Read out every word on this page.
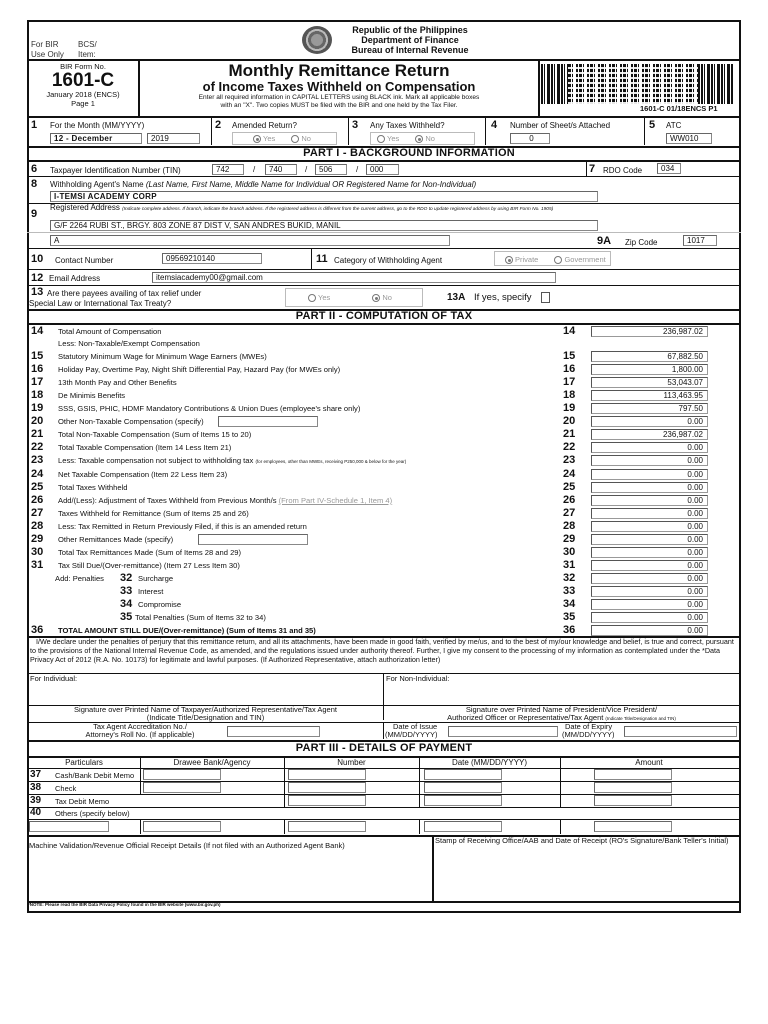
For BIR
Use Only
BCS/
Item:
Republic of the Philippines
Department of Finance
Bureau of Internal Revenue
BIR Form No.
1601-C
January 2018 (ENCS)
Page 1
Monthly Remittance Return
of Income Taxes Withheld on Compensation
Enter all required information in CAPITAL LETTERS using BLACK ink. Mark all applicable boxes
with an "X". Two copies MUST be filed with the BIR and one held by the Tax Filer.	1601-C 01/18ENCS P1
1 For the Month (MM/YYYY)
12 - December	2019
2 Amended Return?
Yes	No
3 Any Taxes Withheld?
Yes	No
4 Number of Sheet/s Attached
0
5 ATC
WW010
PART I - BACKGROUND INFORMATION
6 Taxpayer Identification Number (TIN)	742	/	740	/	506	/	000	7 RDO Code	034
8 Withholding Agent's Name (Last Name, First Name, Middle Name for Individual OR Registered Name for Non-Individual)
I-TEMSI ACADEMY CORP
9
Registered Address (Indicate complete address. If branch, indicate the branch address. If the registered address is different from the current address, go to the RDO to update registered address by using BIR Form No. 1905)
G/F 2264 RUBI ST., BRGY. 803 ZONE 87 DIST V, SAN ANDRES BUKID, MANIL
A	9A Zip Code	1017
10 Contact Number	09569210140	11 Category of Withholding Agent	Private	Government
12 Email Address	itemsiacademy00@gmail.com
13 Are there payees availing of tax relief under
Special Law or International Tax Treaty?
Yes	No	13A If yes, specify
PART II - COMPUTATION OF TAX
14 Total Amount of Compensation	14	236,987.02
Less: Non-Taxable/Exempt Compensation
15 Statutory Minimum Wage for Minimum Wage Earners (MWEs)	15	67,882.50
16 Holiday Pay, Overtime Pay, Night Shift Differential Pay, Hazard Pay (for MWEs only)	16	1,800.00
17 13th Month Pay and Other Benefits	17	53,043.07
18 De Minimis Benefits	18	113,463.95
19 SSS, GSIS, PHIC, HDMF Mandatory Contributions & Union Dues (employee's share only)	19	797.50
20 Other Non-Taxable Compensation (specify)	20	0.00
21 Total Non-Taxable Compensation (Sum of Items 15 to 20)	21	236,987.02
22 Total Taxable Compensation (Item 14 Less Item 21)	22	0.00
23 Less: Taxable compensation not subject to withholding tax (for employees, other than MWEs, receiving P250,000 & below for the year)	23	0.00
24 Net Taxable Compensation (Item 22 Less Item 23)	24	0.00
25 Total Taxes Withheld	25	0.00
26 Add/(Less): Adjustment of Taxes Withheld from Previous Month/s (From Part IV-Schedule 1, Item 4)	26	0.00
27 Taxes Withheld for Remittance (Sum of Items 25 and 26)	27	0.00
28 Less: Tax Remitted in Return Previously Filed, if this is an amended return	28	0.00
29 Other Remittances Made (specify)	29	0.00
30 Total Tax Remittances Made (Sum of Items 28 and 29)	30	0.00
31 Tax Still Due/(Over-remittance) (Item 27 Less Item 30)	31	0.00
Add: Penalties 32 Surcharge	32	0.00
33 Interest	33	0.00
34 Compromise	34	0.00
35 Total Penalties (Sum of Items 32 to 34)	35	0.00
36 TOTAL AMOUNT STILL DUE/(Over-remittance) (Sum of Items 31 and 35)	36	0.00
I/We declare under the penalties of perjury that this remittance return, and all its attachments, have been made in good faith, verified by me/us, and to the best of my/our knowledge and belief, is true and correct, pursuant to the provisions of the National Internal Revenue Code, as amended, and the regulations issued under authority thereof. Further, I give my consent to the processing of my information as contemplated under the *Data Privacy Act of 2012 (R.A. No. 10173) for legitimate and lawful purposes. (If Authorized Representative, attach authorization letter)
For Individual:	For Non-Individual:
Signature over Printed Name of Taxpayer/Authorized Representative/Tax Agent
(Indicate Title/Designation and TIN)
Signature over Printed Name of President/Vice President/
Authorized Officer or Representative/Tax Agent (Indicate Title/Designation and TIN)
Tax Agent Accreditation No./
Attorney's Roll No. (If applicable)
Date of Issue
(MM/DD/YYYY)
Date of Expiry
(MM/DD/YYYY)
PART III - DETAILS OF PAYMENT
Particulars	Drawee Bank/Agency	Number	Date (MM/DD/YYYY)	Amount
37 Cash/Bank Debit Memo
38 Check
39 Tax Debit Memo
40 Others (specify below)
Machine Validation/Revenue Official Receipt Details (If not filed with an Authorized Agent Bank)
Stamp of Receiving Office/AAB and Date of Receipt (RO's Signature/Bank Teller's Initial)
*NOTE: Please read the BIR Data Privacy Policy found in the BIR website (www.bir.gov.ph)
